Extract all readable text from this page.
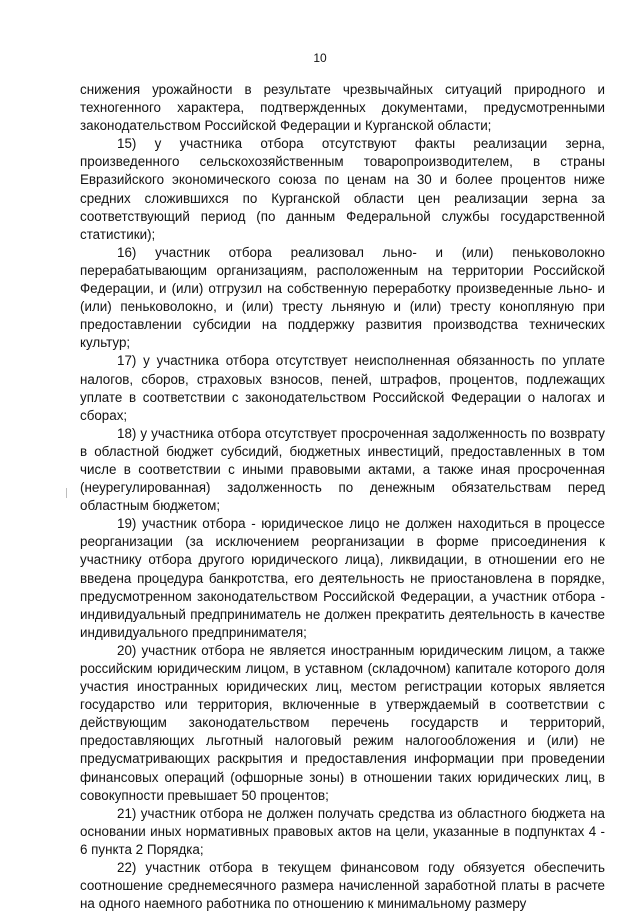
10

снижения урожайности в результате чрезвычайных ситуаций природного и техногенного характера, подтвержденных документами, предусмотренными законодательством Российской Федерации и Курганской области;

15) у участника отбора отсутствуют факты реализации зерна, произведенного сельскохозяйственным товаропроизводителем, в страны Евразийского экономического союза по ценам на 30 и более процентов ниже средних сложившихся по Курганской области цен реализации зерна за соответствующий период (по данным Федеральной службы государственной статистики);

16) участник отбора реализовал льно- и (или) пеньковолокно перерабатывающим организациям, расположенным на территории Российской Федерации, и (или) отгрузил на собственную переработку произведенные льно- и (или) пеньковолокно, и (или) тресту льняную и (или) тресту конопляную при предоставлении субсидии на поддержку развития производства технических культур;

17) у участника отбора отсутствует неисполненная обязанность по уплате налогов, сборов, страховых взносов, пеней, штрафов, процентов, подлежащих уплате в соответствии с законодательством Российской Федерации о налогах и сборах;

18) у участника отбора отсутствует просроченная задолженность по возврату в областной бюджет субсидий, бюджетных инвестиций, предоставленных в том числе в соответствии с иными правовыми актами, а также иная просроченная (неурегулированная) задолженность по денежным обязательствам перед областным бюджетом;

19) участник отбора - юридическое лицо не должен находиться в процессе реорганизации (за исключением реорганизации в форме присоединения к участнику отбора другого юридического лица), ликвидации, в отношении его не введена процедура банкротства, его деятельность не приостановлена в порядке, предусмотренном законодательством Российской Федерации, а участник отбора - индивидуальный предприниматель не должен прекратить деятельность в качестве индивидуального предпринимателя;

20) участник отбора не является иностранным юридическим лицом, а также российским юридическим лицом, в уставном (складочном) капитале которого доля участия иностранных юридических лиц, местом регистрации которых является государство или территория, включенные в утверждаемый в соответствии с действующим законодательством перечень государств и территорий, предоставляющих льготный налоговый режим налогообложения и (или) не предусматривающих раскрытия и предоставления информации при проведении финансовых операций (офшорные зоны) в отношении таких юридических лиц, в совокупности превышает 50 процентов;

21) участник отбора не должен получать средства из областного бюджета на основании иных нормативных правовых актов на цели, указанные в подпунктах 4 - 6 пункта 2 Порядка;

22) участник отбора в текущем финансовом году обязуется обеспечить соотношение среднемесячного размера начисленной заработной платы в расчете на одного наемного работника по отношению к минимальному размеру
